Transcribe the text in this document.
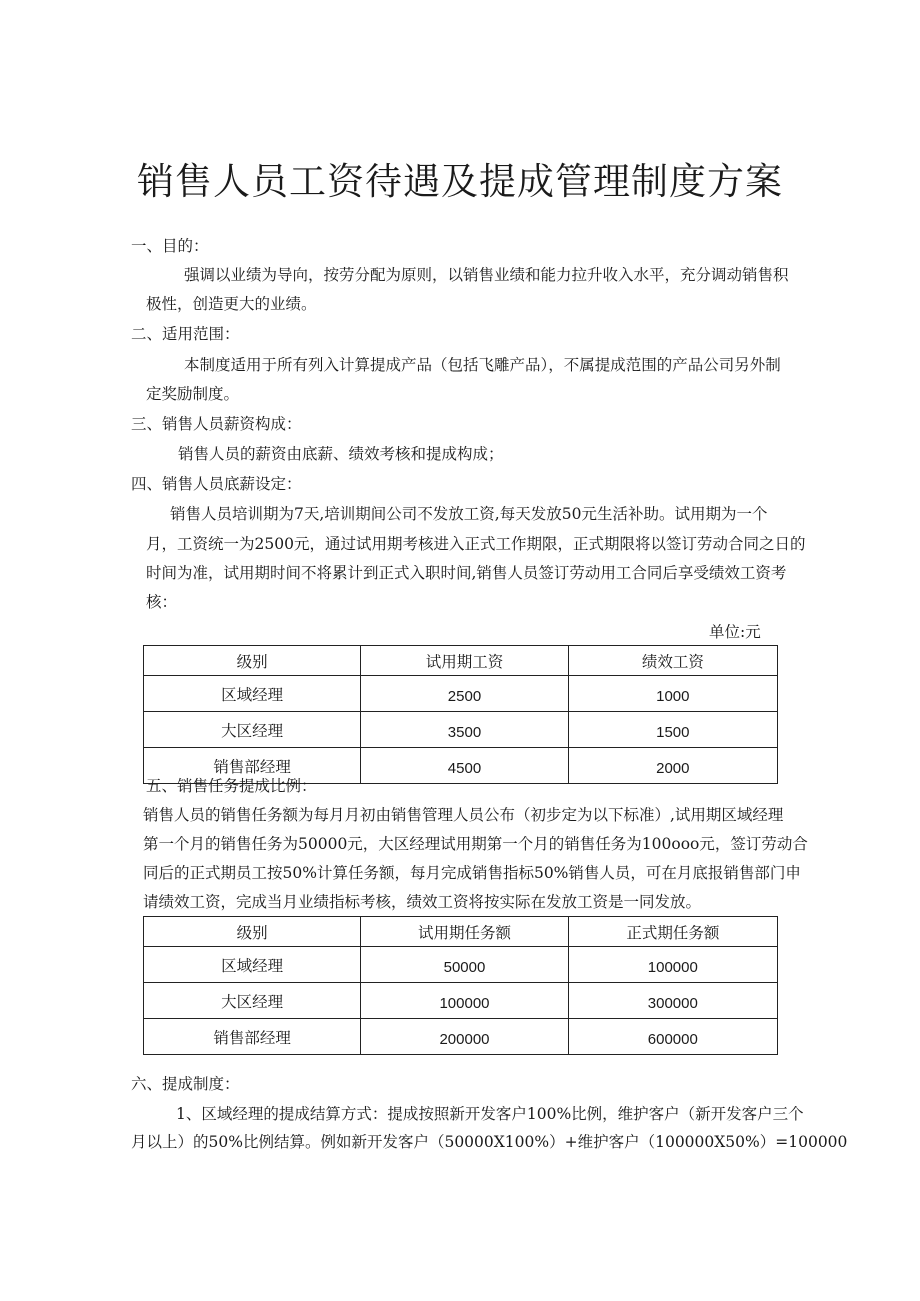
销售人员工资待遇及提成管理制度方案
一、目的：
强调以业绩为导向，按劳分配为原则，以销售业绩和能力拉升收入水平，充分调动销售积
极性，创造更大的业绩。
二、适用范围：
本制度适用于所有列入计算提成产品（包括飞雕产品），不属提成范围的产品公司另外制
定奖励制度。
三、销售人员薪资构成：
销售人员的薪资由底薪、绩效考核和提成构成；
四、销售人员底薪设定：
销售人员培训期为7天,培训期间公司不发放工资,每天发放50元生活补助。试用期为一个
月，工资统一为2500元，通过试用期考核进入正式工作期限，正式期限将以签订劳动合同之日的
时间为准，试用期时间不将累计到正式入职时间,销售人员签订劳动用工合同后享受绩效工资考
核：
单位:元
级别	试用期工资	绩效工资
区域经理	2500	1000
大区经理	3500	1500
销售部经理	4500	2000
五、销售任务提成比例：
销售人员的销售任务额为每月月初由销售管理人员公布（初步定为以下标准）,试用期区域经理
第一个月的销售任务为50000元，大区经理试用期第一个月的销售任务为100ooo元，签订劳动合
同后的正式期员工按50%计算任务额，每月完成销售指标50%销售人员，可在月底报销售部门申
请绩效工资，完成当月业绩指标考核，绩效工资将按实际在发放工资是一同发放。
级别	试用期任务额	正式期任务额
区域经理	50000	100000
大区经理	100000	300000
销售部经理	200000	600000
六、提成制度：
1、区域经理的提成结算方式：提成按照新开发客户100%比例，维护客户（新开发客户三个
月以上）的50%比例结算。例如新开发客户（50000X100%）+维护客户（100000X50%）=100000
